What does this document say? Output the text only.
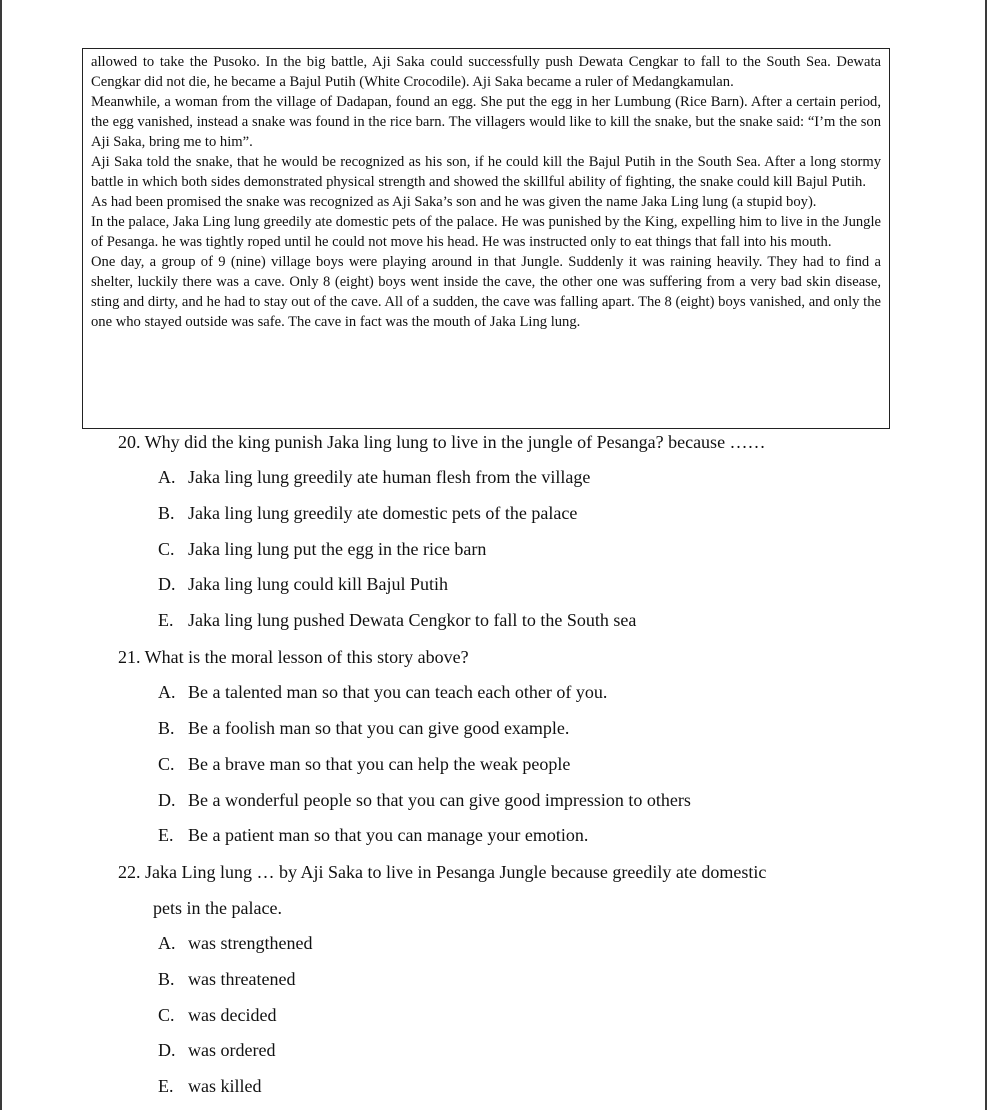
allowed to take the Pusoko. In the big battle, Aji Saka could successfully push Dewata Cengkar to fall to the South Sea. Dewata Cengkar did not die, he became a Bajul Putih (White Crocodile). Aji Saka became a ruler of Medangkamulan.

Meanwhile, a woman from the village of Dadapan, found an egg. She put the egg in her Lumbung (Rice Barn). After a certain period, the egg vanished, instead a snake was found in the rice barn. The villagers would like to kill the snake, but the snake said: “I’m the son Aji Saka, bring me to him”.

Aji Saka told the snake, that he would be recognized as his son, if he could kill the Bajul Putih in the South Sea. After a long stormy battle in which both sides demonstrated physical strength and showed the skillful ability of fighting, the snake could kill Bajul Putih.

As had been promised the snake was recognized as Aji Saka’s son and he was given the name Jaka Ling lung (a stupid boy).

In the palace, Jaka Ling lung greedily ate domestic pets of the palace. He was punished by the King, expelling him to live in the Jungle of Pesanga. he was tightly roped until he could not move his head. He was instructed only to eat things that fall into his mouth.

One day, a group of 9 (nine) village boys were playing around in that Jungle. Suddenly it was raining heavily. They had to find a shelter, luckily there was a cave. Only 8 (eight) boys went inside the cave, the other one was suffering from a very bad skin disease, sting and dirty, and he had to stay out of the cave. All of a sudden, the cave was falling apart. The 8 (eight) boys vanished, and only the one who stayed outside was safe. The cave in fact was the mouth of Jaka Ling lung.

20. Why did the king punish Jaka ling lung to live in the jungle of Pesanga? because ……
A. Jaka ling lung greedily ate human flesh from the village
B. Jaka ling lung greedily ate domestic pets of the palace
C. Jaka ling lung put the egg in the rice barn
D. Jaka ling lung could kill Bajul Putih
E. Jaka ling lung pushed Dewata Cengkor to fall to the South sea
21. What is the moral lesson of this story above?
A. Be a talented man so that you can teach each other of you.
B. Be a foolish man so that you can give good example.
C. Be a brave man so that you can help the weak people
D. Be a wonderful people so that you can give good impression to others
E. Be a patient man so that you can manage your emotion.
22. Jaka Ling lung … by Aji Saka to live in Pesanga Jungle because greedily ate domestic
pets in the palace.
A. was strengthened
B. was threatened
C. was decided
D. was ordered
E. was killed
